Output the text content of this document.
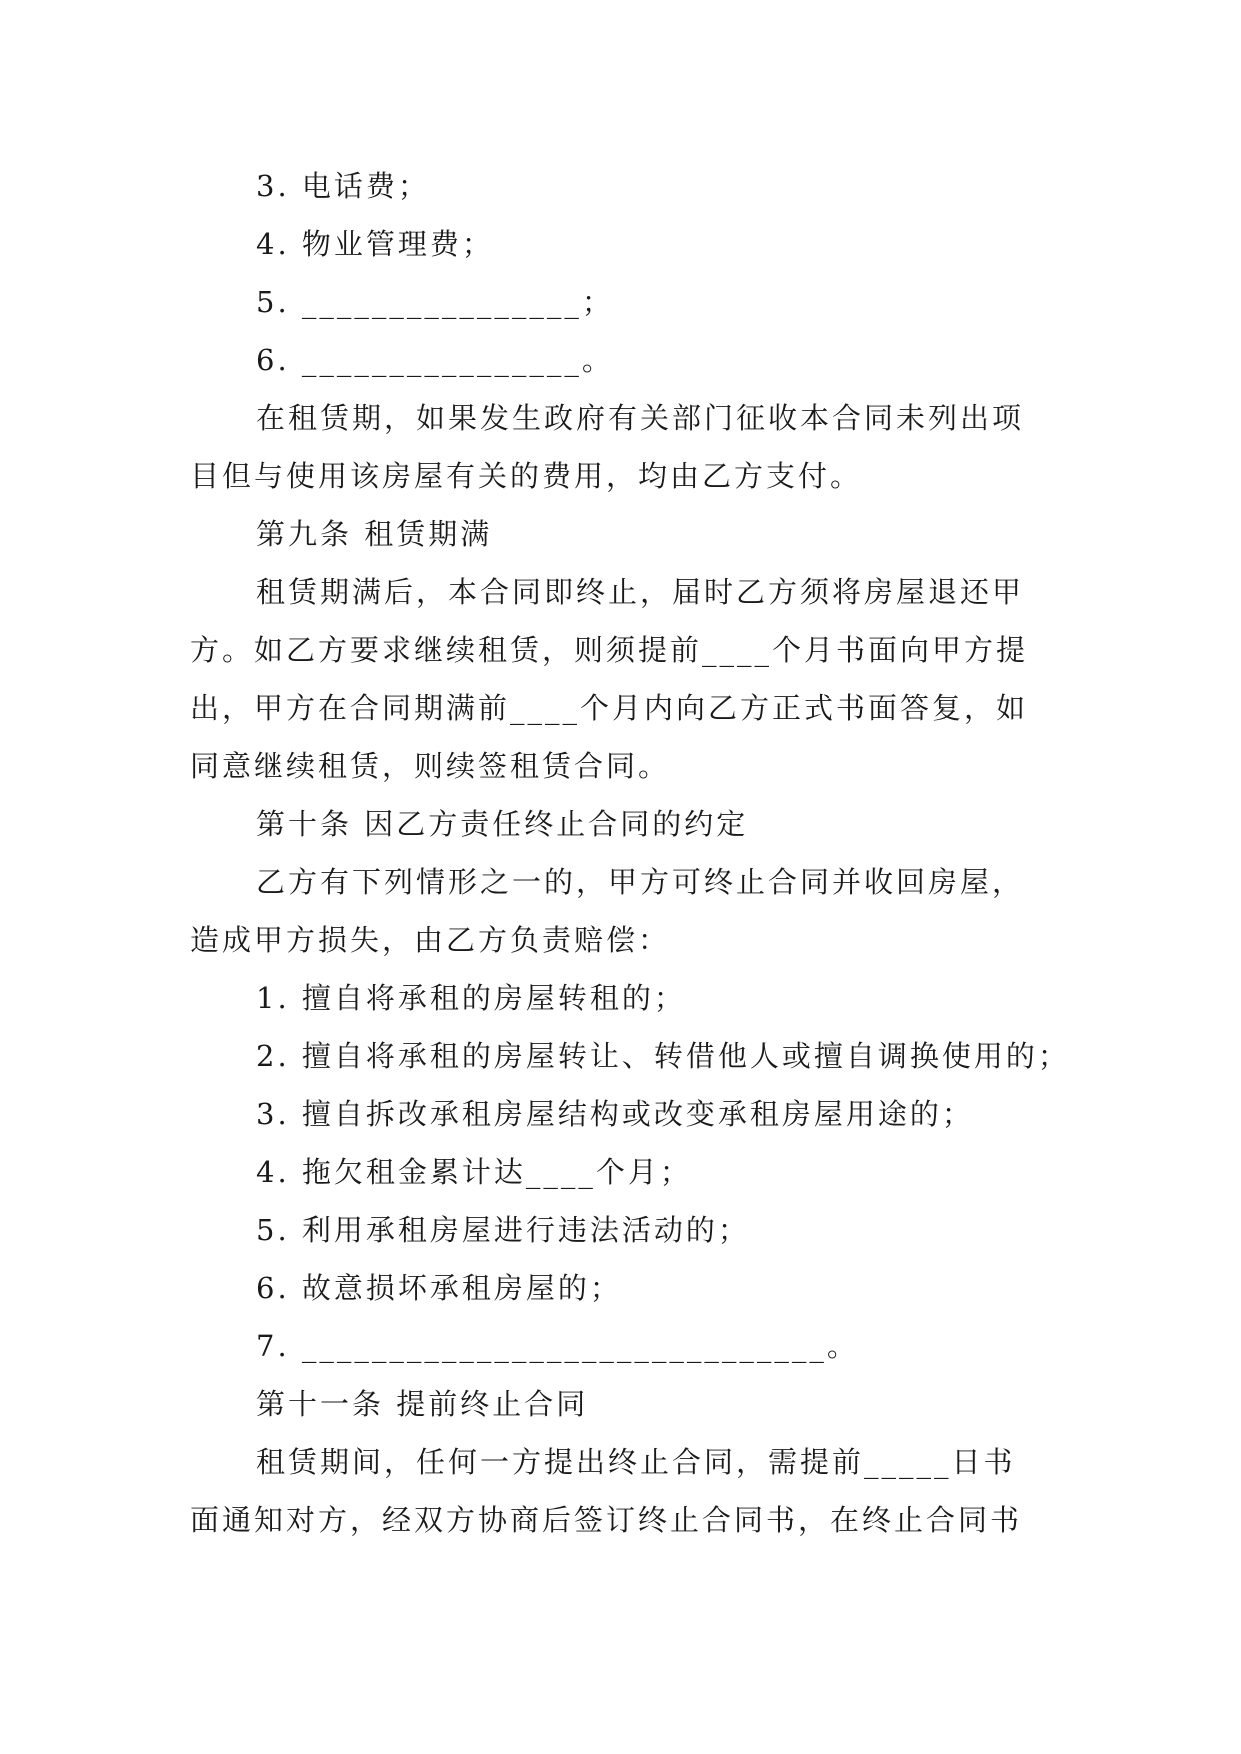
3. 电话费；
4. 物业管理费；
5. ________________；
6. ________________。
在租赁期，如果发生政府有关部门征收本合同未列出项
目但与使用该房屋有关的费用，均由乙方支付。
第九条 租赁期满
租赁期满后，本合同即终止，届时乙方须将房屋退还甲
方。如乙方要求继续租赁，则须提前____个月书面向甲方提
出，甲方在合同期满前____个月内向乙方正式书面答复，如
同意继续租赁，则续签租赁合同。
第十条 因乙方责任终止合同的约定
乙方有下列情形之一的，甲方可终止合同并收回房屋，
造成甲方损失，由乙方负责赔偿：
1. 擅自将承租的房屋转租的；
2. 擅自将承租的房屋转让、转借他人或擅自调换使用的；
3. 擅自拆改承租房屋结构或改变承租房屋用途的；
4. 拖欠租金累计达____个月；
5. 利用承租房屋进行违法活动的；
6. 故意损坏承租房屋的；
7. ______________________________。
第十一条 提前终止合同
租赁期间，任何一方提出终止合同，需提前_____日书
面通知对方，经双方协商后签订终止合同书，在终止合同书
